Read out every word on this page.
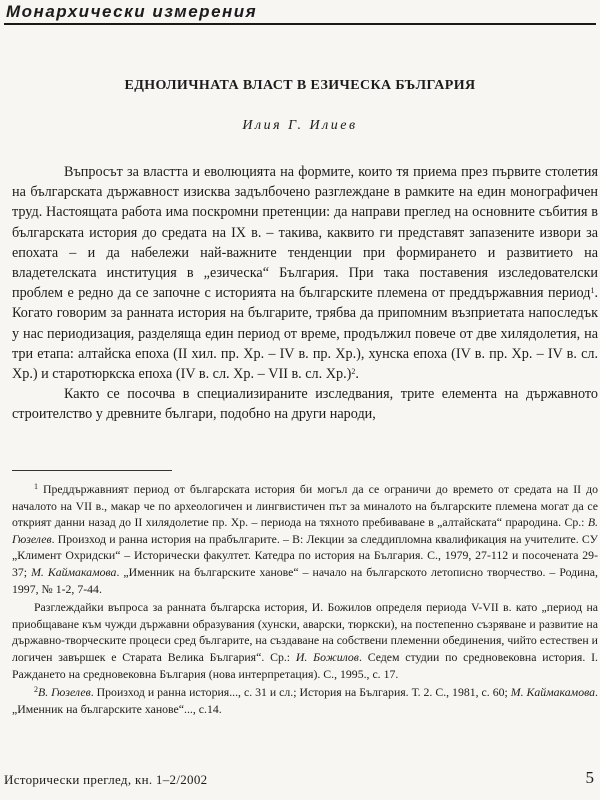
Монархически измерения
ЕДНОЛИЧНАТА ВЛАСТ В ЕЗИЧЕСКА БЪЛГАРИЯ
Илия Г. Илиев

Въпросът за властта и еволюцията на формите, които тя приема през първите столетия на българската държавност изисква задълбочено разглеждане в рамките на един монографичен труд. Настоящата работа има поскромни претенции: да направи преглед на основните събития в българската история до средата на IX в. – такива, каквито ги представят запазените извори за епохата – и да набележи най-важните тенденции при формирането и развитието на владетелската институция в „езическа“ България. При така поставения изследователски проблем е редно да се започне с историята на българските племена от преддържавния период$^1$. Когато говорим за ранната история на българите, трябва да припомним възприетата напоследък у нас периодизация, разделяща един период от време, продължил повече от две хилядолетия, на три етапа: алтайска епоха (II хил. пр. Хр. – IV в. пр. Хр.), хунска епоха (IV в. пр. Хр. – IV в. сл. Хр.) и старотюркска епоха (IV в. сл. Хр. – VII в. сл. Хр.)$^2$.

Както се посочва в специализираните изследвания, трите елемента на държавното строителство у древните българи, подобно на други народи,

$^1$ Преддържавният период от българската история би могъл да се ограничи до времето от средата на II до началото на VII в., макар че по археологичен и лингвистичен път за миналото на българските племена могат да се открият данни назад до II хилядолетие пр. Хр. – периода на тяхното пребиваване в „алтайската“ прародина. Ср.: В. Гюзелев. Произход и ранна история на прабългарите. – В: Лекции за следдипломна квалификация на учителите. СУ „Климент Охридски“ – Исторически факултет. Катедра по история на България. С., 1979, 27-112 и посочената 29-37; М. Каймакамова. „Именник на българските ханове“ – начало на българското летописно творчество. – Родина, 1997, № 1-2, 7-44.

Разглеждайки въпроса за ранната българска история, И. Божилов определя периода V-VII в. като „период на приобщаване към чужди държавни образувания (хунски, аварски, тюркски), на постепенно съзряване и развитие на държавно-творческите процеси сред българите, на създаване на собствени племенни обединения, чийто естествен и логичен завършек е Старата Велика България“. Ср.: И. Божилов. Седем студии по средновековна история. I. Раждането на средновековна България (нова интерпретация). С., 1995., с. 17.

$^2$В. Гюзелев. Произход и ранна история..., с. 31 и сл.; История на България. Т. 2. С., 1981, с. 60; М. Каймакамова. „Именник на българските ханове“..., с.14.

Исторически преглед, кн. 1–2/2002	5
